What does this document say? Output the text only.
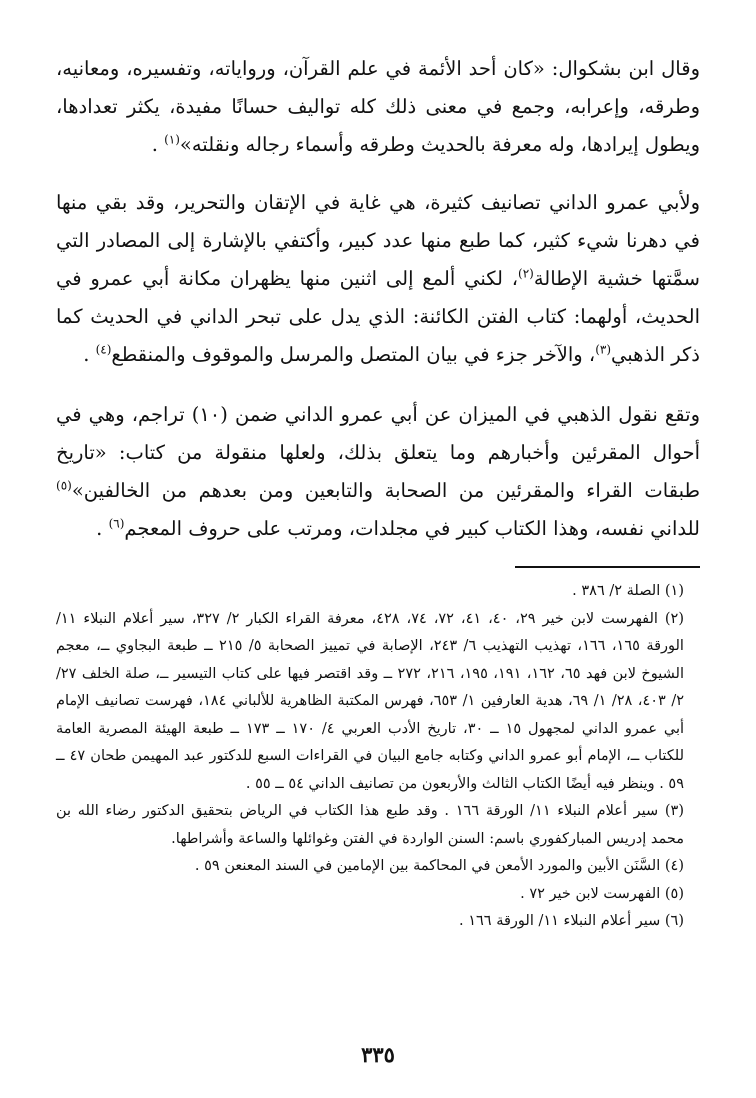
وقال ابن بشكوال: «كان أحد الأئمة في علم القرآن، ورواياته، وتفسيره، ومعانيه، وطرقه، وإعرابه، وجمع في معنى ذلك كله تواليف حسانًا مفيدة، يكثر تعدادها، ويطول إيرادها، وله معرفة بالحديث وطرقه وأسماء رجاله ونقلته»$^{(١)}$ .

ولأبي عمرو الداني تصانيف كثيرة، هي غاية في الإتقان والتحرير، وقد بقي منها في دهرنا شيء كثير، كما طبع منها عدد كبير، وأكتفي بالإشارة إلى المصادر التي سمَّتها خشية الإطالة$^{(٢)}$، لكني ألمع إلى اثنين منها يظهران مكانة أبي عمرو في الحديث، أولهما: كتاب الفتن الكائنة: الذي يدل على تبحر الداني في الحديث كما ذكر الذهبي$^{(٣)}$، والآخر جزء في بيان المتصل والمرسل والموقوف والمنقطع$^{(٤)}$ .

وتقع نقول الذهبي في الميزان عن أبي عمرو الداني ضمن (١٠) تراجم، وهي في أحوال المقرئين وأخبارهم وما يتعلق بذلك، ولعلها منقولة من كتاب: «تاريخ طبقات القراء والمقرئين من الصحابة والتابعين ومن بعدهم من الخالفين»$^{(٥)}$ للداني نفسه، وهذا الكتاب كبير في مجلدات، ومرتب على حروف المعجم$^{(٦)}$ .

(١) الصلة ٢/ ٣٨٦ .
(٢) الفهرست لابن خير ٢٩، ٤٠، ٤١، ٧٢، ٧٤، ٤٢٨، معرفة القراء الكبار ٢/ ٣٢٧، سير أعلام النبلاء ١١/ الورقة ١٦٥، ١٦٦، تهذيب التهذيب ٦/ ٢٤٣، الإصابة في تمييز الصحابة ٥/ ٢١٥ ــ طبعة البجاوي ــ، معجم الشيوخ لابن فهد ٦٥، ١٦٢، ١٩١، ١٩٥، ٢١٦، ٢٧٢ ــ وقد اقتصر فيها على كتاب التيسير ــ، صلة الخلف ٢٧/ ٢/ ٤٠٣، ٢٨/ ١/ ٦٩، هدية العارفين ١/ ٦٥٣، فهرس المكتبة الظاهرية للألباني ١٨٤، فهرست تصانيف الإمام أبي عمرو الداني لمجهول ١٥ ــ ٣٠، تاريخ الأدب العربي ٤/ ١٧٠ ــ ١٧٣ ــ طبعة الهيئة المصرية العامة للكتاب ــ، الإمام أبو عمرو الداني وكتابه جامع البيان في القراءات السبع للدكتور عبد المهيمن طحان ٤٧ ــ ٥٩ . وينظر فيه أيضًا الكتاب الثالث والأربعون من تصانيف الداني ٥٤ ــ ٥٥ .
(٣) سير أعلام النبلاء ١١/ الورقة ١٦٦ . وقد طبع هذا الكتاب في الرياض بتحقيق الدكتور رضاء الله بن محمد إدريس المباركفوري باسم: السنن الواردة في الفتن وغوائلها والساعة وأشراطها.
(٤) السَّنَن الأبين والمورد الأمعن في المحاكمة بين الإمامين في السند المعنعن ٥٩ .
(٥) الفهرست لابن خير ٧٢ .
(٦) سير أعلام النبلاء ١١/ الورقة ١٦٦ .
٣٣٥
